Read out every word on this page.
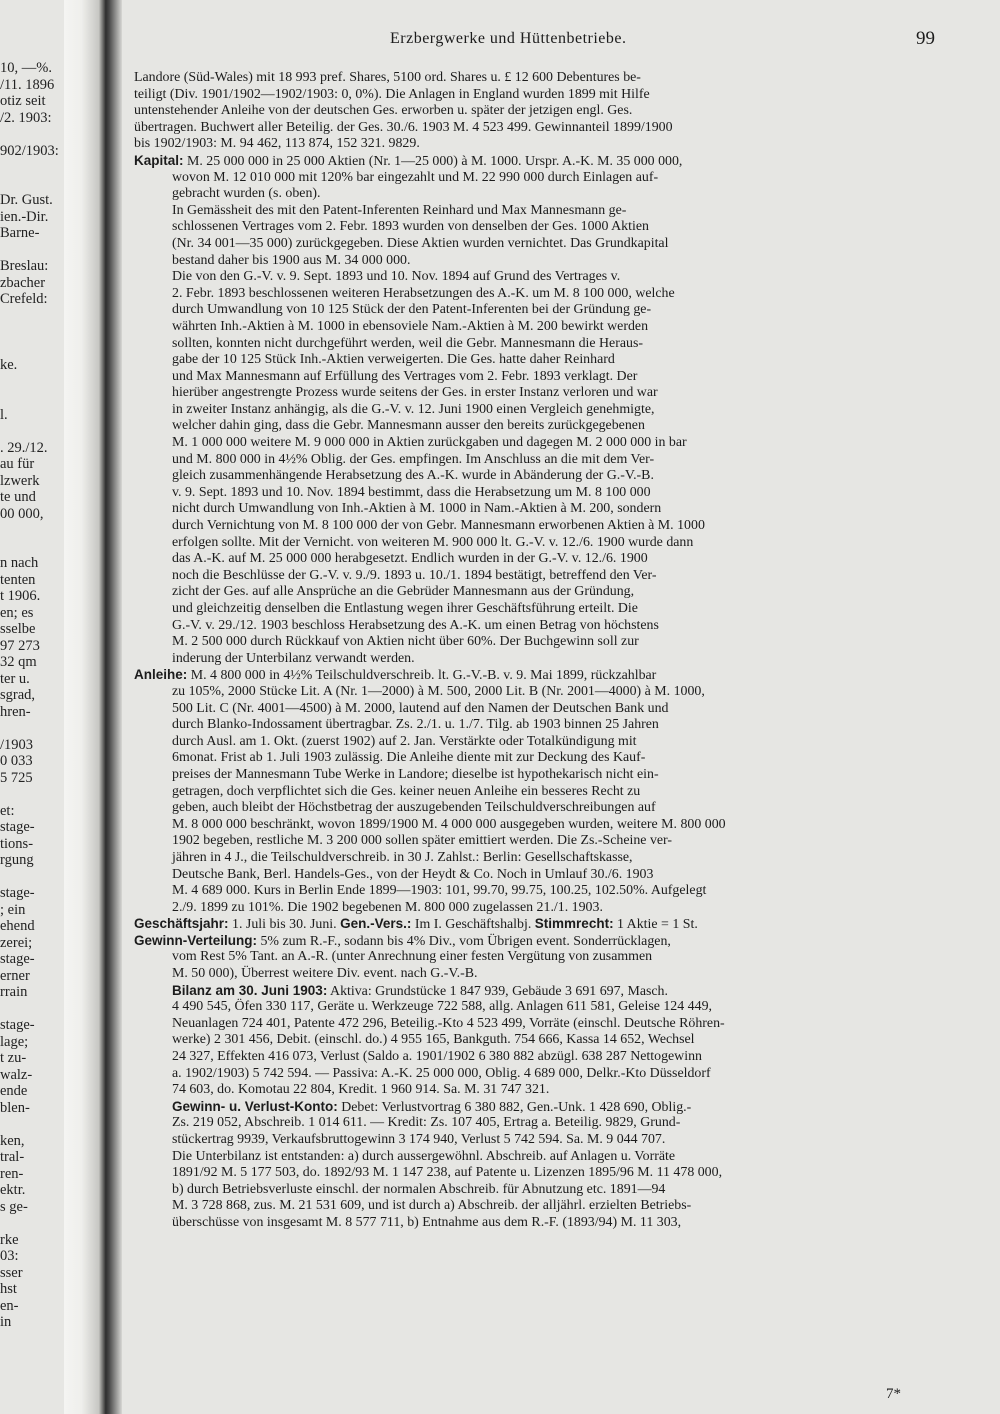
10, —%.
/11. 1896
otiz seit
/2. 1903:

902/1903:

Dr. Gust.
ien.-Dir.
Barne-

Breslau:
zbacher
Crefeld:

ke.

l.

. 29./12.
au für
lzwerk
te und
00 000,

n nach
tenten
t 1906.
en; es
sselbe
97 273
32 qm
ter u.
sgrad,
hren-

/1903
0 033
5 725

et:
stage-
tions-
rgung

stage-
; ein
ehend
zerei;
stage-
erner
rrain

stage-
lage;
t zu-
walz-
ende
blen-

ken,
tral-
ren-
ektr.
s ge-

rke
03:
sser
hst
en-
in
Erzbergwerke und Hüttenbetriebe.	99
Landore (Süd-Wales) mit 18 993 pref. Shares, 5100 ord. Shares u. £ 12 600 Debentures be-
teiligt (Div. 1901/1902—1902/1903: 0, 0%). Die Anlagen in England wurden 1899 mit Hilfe
untenstehender Anleihe von der deutschen Ges. erworben u. später der jetzigen engl. Ges.
übertragen. Buchwert aller Beteilig. der Ges. 30./6. 1903 M. 4 523 499. Gewinnanteil 1899/1900
bis 1902/1903: M. 94 462, 113 874, 152 321. 9829.
Kapital: M. 25 000 000 in 25 000 Aktien (Nr. 1—25 000) à M. 1000. Urspr. A.-K. M. 35 000 000,
wovon M. 12 010 000 mit 120% bar eingezahlt und M. 22 990 000 durch Einlagen auf-
gebracht wurden (s. oben).
In Gemässheit des mit den Patent-Inferenten Reinhard und Max Mannesmann ge-
schlossenen Vertrages vom 2. Febr. 1893 wurden von denselben der Ges. 1000 Aktien
(Nr. 34 001—35 000) zurückgegeben. Diese Aktien wurden vernichtet. Das Grundkapital
bestand daher bis 1900 aus M. 34 000 000.
Die von den G.-V. v. 9. Sept. 1893 und 10. Nov. 1894 auf Grund des Vertrages v.
2. Febr. 1893 beschlossenen weiteren Herabsetzungen des A.-K. um M. 8 100 000, welche
durch Umwandlung von 10 125 Stück der den Patent-Inferenten bei der Gründung ge-
währten Inh.-Aktien à M. 1000 in ebensoviele Nam.-Aktien à M. 200 bewirkt werden
sollten, konnten nicht durchgeführt werden, weil die Gebr. Mannesmann die Heraus-
gabe der 10 125 Stück Inh.-Aktien verweigerten. Die Ges. hatte daher Reinhard
und Max Mannesmann auf Erfüllung des Vertrages vom 2. Febr. 1893 verklagt. Der
hierüber angestrengte Prozess wurde seitens der Ges. in erster Instanz verloren und war
in zweiter Instanz anhängig, als die G.-V. v. 12. Juni 1900 einen Vergleich genehmigte,
welcher dahin ging, dass die Gebr. Mannesmann ausser den bereits zurückgegebenen
M. 1 000 000 weitere M. 9 000 000 in Aktien zurückgaben und dagegen M. 2 000 000 in bar
und M. 800 000 in 4½% Oblig. der Ges. empfingen. Im Anschluss an die mit dem Ver-
gleich zusammenhängende Herabsetzung des A.-K. wurde in Abänderung der G.-V.-B.
v. 9. Sept. 1893 und 10. Nov. 1894 bestimmt, dass die Herabsetzung um M. 8 100 000
nicht durch Umwandlung von Inh.-Aktien à M. 1000 in Nam.-Aktien à M. 200, sondern
durch Vernichtung von M. 8 100 000 der von Gebr. Mannesmann erworbenen Aktien à M. 1000
erfolgen sollte. Mit der Vernicht. von weiteren M. 900 000 lt. G.-V. v. 12./6. 1900 wurde dann
das A.-K. auf M. 25 000 000 herabgesetzt. Endlich wurden in der G.-V. v. 12./6. 1900
noch die Beschlüsse der G.-V. v. 9./9. 1893 u. 10./1. 1894 bestätigt, betreffend den Ver-
zicht der Ges. auf alle Ansprüche an die Gebrüder Mannesmann aus der Gründung,
und gleichzeitig denselben die Entlastung wegen ihrer Geschäftsführung erteilt. Die
G.-V. v. 29./12. 1903 beschloss Herabsetzung des A.-K. um einen Betrag von höchstens
M. 2 500 000 durch Rückkauf von Aktien nicht über 60%. Der Buchgewinn soll zur
inderung der Unterbilanz verwandt werden.
Anleihe: M. 4 800 000 in 4½% Teilschuldverschreib. lt. G.-V.-B. v. 9. Mai 1899, rückzahlbar
zu 105%, 2000 Stücke Lit. A (Nr. 1—2000) à M. 500, 2000 Lit. B (Nr. 2001—4000) à M. 1000,
500 Lit. C (Nr. 4001—4500) à M. 2000, lautend auf den Namen der Deutschen Bank und
durch Blanko-Indossament übertragbar. Zs. 2./1. u. 1./7. Tilg. ab 1903 binnen 25 Jahren
durch Ausl. am 1. Okt. (zuerst 1902) auf 2. Jan. Verstärkte oder Totalkündigung mit
6monat. Frist ab 1. Juli 1903 zulässig. Die Anleihe diente mit zur Deckung des Kauf-
preises der Mannesmann Tube Werke in Landore; dieselbe ist hypothekarisch nicht ein-
getragen, doch verpflichtet sich die Ges. keiner neuen Anleihe ein besseres Recht zu
geben, auch bleibt der Höchstbetrag der auszugebenden Teilschuldverschreibungen auf
M. 8 000 000 beschränkt, wovon 1899/1900 M. 4 000 000 ausgegeben wurden, weitere M. 800 000
1902 begeben, restliche M. 3 200 000 sollen später emittiert werden. Die Zs.-Scheine ver-
jähren in 4 J., die Teilschuldverschreib. in 30 J. Zahlst.: Berlin: Gesellschaftskasse,
Deutsche Bank, Berl. Handels-Ges., von der Heydt & Co. Noch in Umlauf 30./6. 1903
M. 4 689 000. Kurs in Berlin Ende 1899—1903: 101, 99.70, 99.75, 100.25, 102.50%. Aufgelegt
2./9. 1899 zu 101%. Die 1902 begebenen M. 800 000 zugelassen 21./1. 1903.
Geschäftsjahr: 1. Juli bis 30. Juni. Gen.-Vers.: Im I. Geschäftshalbj. Stimmrecht: 1 Aktie = 1 St.
Gewinn-Verteilung: 5% zum R.-F., sodann bis 4% Div., vom Übrigen event. Sonderrücklagen,
vom Rest 5% Tant. an A.-R. (unter Anrechnung einer festen Vergütung von zusammen
M. 50 000), Überrest weitere Div. event. nach G.-V.-B.
Bilanz am 30. Juni 1903: Aktiva: Grundstücke 1 847 939, Gebäude 3 691 697, Masch.
4 490 545, Öfen 330 117, Geräte u. Werkzeuge 722 588, allg. Anlagen 611 581, Geleise 124 449,
Neuanlagen 724 401, Patente 472 296, Beteilig.-Kto 4 523 499, Vorräte (einschl. Deutsche Röhren-
werke) 2 301 456, Debit. (einschl. do.) 4 955 165, Bankguth. 754 666, Kassa 14 652, Wechsel
24 327, Effekten 416 073, Verlust (Saldo a. 1901/1902 6 380 882 abzügl. 638 287 Nettogewinn
a. 1902/1903) 5 742 594. — Passiva: A.-K. 25 000 000, Oblig. 4 689 000, Delkr.-Kto Düsseldorf
74 603, do. Komotau 22 804, Kredit. 1 960 914. Sa. M. 31 747 321.
Gewinn- u. Verlust-Konto: Debet: Verlustvortrag 6 380 882, Gen.-Unk. 1 428 690, Oblig.-
Zs. 219 052, Abschreib. 1 014 611. — Kredit: Zs. 107 405, Ertrag a. Beteilig. 9829, Grund-
stückertrag 9939, Verkaufsbruttogewinn 3 174 940, Verlust 5 742 594. Sa. M. 9 044 707.
Die Unterbilanz ist entstanden: a) durch aussergewöhnl. Abschreib. auf Anlagen u. Vorräte
1891/92 M. 5 177 503, do. 1892/93 M. 1 147 238, auf Patente u. Lizenzen 1895/96 M. 11 478 000,
b) durch Betriebsverluste einschl. der normalen Abschreib. für Abnutzung etc. 1891—94
M. 3 728 868, zus. M. 21 531 609, und ist durch a) Abschreib. der alljährl. erzielten Betriebs-
überschüsse von insgesamt M. 8 577 711, b) Entnahme aus dem R.-F. (1893/94) M. 11 303,
7*
